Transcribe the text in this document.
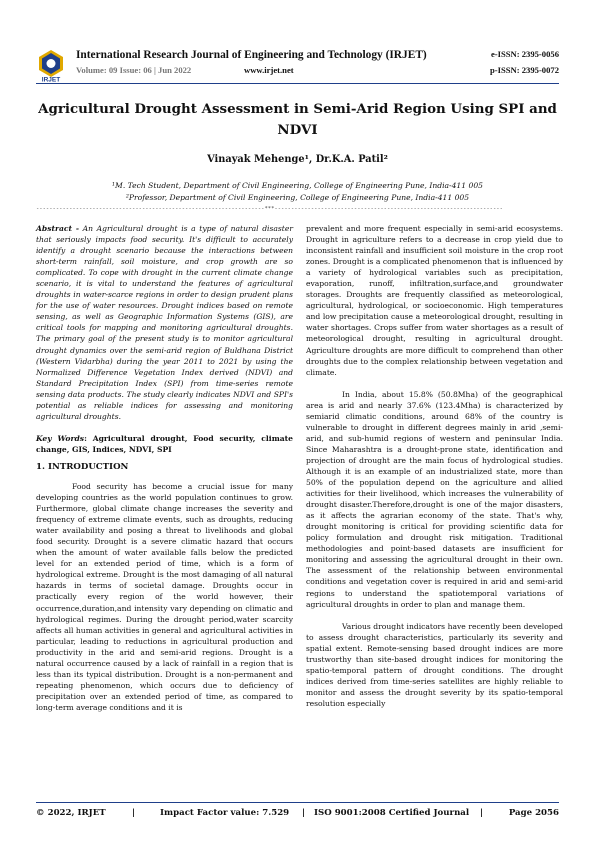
IRJET
International Research Journal of Engineering and Technology (IRJET)	e-ISSN: 2395-0056
Volume: 09 Issue: 06 | Jun 2022	www.irjet.net	p-ISSN: 2395-0072
Agricultural Drought Assessment in Semi-Arid Region Using SPI and NDVI
Vinayak Mehenge¹, Dr.K.A. Patil²
¹M. Tech Student, Department of Civil Engineering, College of Engineering Pune, India-411 005
²Professor, Department of Civil Engineering, College of Engineering Pune, India-411 005
---------------------------------------------------------------------***---------------------------------------------------------------------

Abstract - An Agricultural drought is a type of natural disaster that seriously impacts food security. It's difficult to accurately identify a drought scenario because the interactions between short-term rainfall, soil moisture, and crop growth are so complicated. To cope with drought in the current climate change scenario, it is vital to understand the features of agricultural droughts in water-scarce regions in order to design prudent plans for the use of water resources. Drought indices based on remote sensing, as well as Geographic Information Systems (GIS), are critical tools for mapping and monitoring agricultural droughts. The primary goal of the present study is to monitor agricultural drought dynamics over the semi-arid region of Buldhana District (Western Vidarbha) during the year 2011 to 2021 by using the Normalized Difference Vegetation Index derived (NDVI) and Standard Precipitation Index (SPI) from time-series remote sensing data products. The study clearly indicates NDVI and SPI's potential as reliable indices for assessing and monitoring agricultural droughts.

Key Words: Agricultural drought, Food security, climate change, GIS, Indices, NDVI, SPI

1. INTRODUCTION

Food security has become a crucial issue for many developing countries as the world population continues to grow. Furthermore, global climate change increases the severity and frequency of extreme climate events, such as droughts, reducing water availability and posing a threat to livelihoods and global food security. Drought is a severe climatic hazard that occurs when the amount of water available falls below the predicted level for an extended period of time, which is a form of hydrological extreme. Drought is the most damaging of all natural hazards in terms of societal damage. Droughts occur in practically every region of the world however, their occurrence,duration,and intensity vary depending on climatic and hydrological regimes. During the drought period,water scarcity affects all human activities in general and agricultural activities in particular, leading to reductions in agricultural production and productivity in the arid and semi-arid regions. Drought is a natural occurrence caused by a lack of rainfall in a region that is less than its typical distribution. Drought is a non-permanent and repeating phenomenon, which occurs due to deficiency of precipitation over an extended period of time, as compared to long-term average conditions and it is

prevalent and more frequent especially in semi-arid ecosystems. Drought in agriculture refers to a decrease in crop yield due to inconsistent rainfall and insufficient soil moisture in the crop root zones. Drought is a complicated phenomenon that is influenced by a variety of hydrological variables such as precipitation, evaporation, runoff, infiltration,surface,and groundwater storages. Droughts are frequently classified as meteorological, agricultural, hydrological, or socioeconomic. High temperatures and low precipitation cause a meteorological drought, resulting in water shortages. Crops suffer from water shortages as a result of meteorological drought, resulting in agricultural drought. Agriculture droughts are more difficult to comprehend than other droughts due to the complex relationship between vegetation and climate.

In India, about 15.8% (50.8Mha) of the geographical area is arid and nearly 37.6% (123.4Mha) is characterized by semiarid climatic conditions, around 68% of the country is vulnerable to drought in different degrees mainly in arid ,semi-arid, and sub-humid regions of western and peninsular India. Since Maharashtra is a drought-prone state, identification and projection of drought are the main focus of hydrological studies. Although it is an example of an industrialized state, more than 50% of the population depend on the agriculture and allied activities for their livelihood, which increases the vulnerability of drought disaster.Therefore,drought is one of the major disasters, as it affects the agrarian economy of the state. That's why, drought monitoring is critical for providing scientific data for policy formulation and drought risk mitigation. Traditional methodologies and point-based datasets are insufficient for monitoring and assessing the agricultural drought in their own. The assessment of the relationship between environmental conditions and vegetation cover is required in arid and semi-arid regions to understand the spatiotemporal variations of agricultural droughts in order to plan and manage them.

Various drought indicators have recently been developed to assess drought characteristics, particularly its severity and spatial extent. Remote-sensing based drought indices are more trustworthy than site-based drought indices for monitoring the spatio-temporal pattern of drought conditions. The drought indices derived from time-series satellites are highly reliable to monitor and assess the drought severity by its spatio-temporal resolution especially

© 2022, IRJET	|	Impact Factor value: 7.529 | ISO 9001:2008 Certified Journal |	Page 2056
